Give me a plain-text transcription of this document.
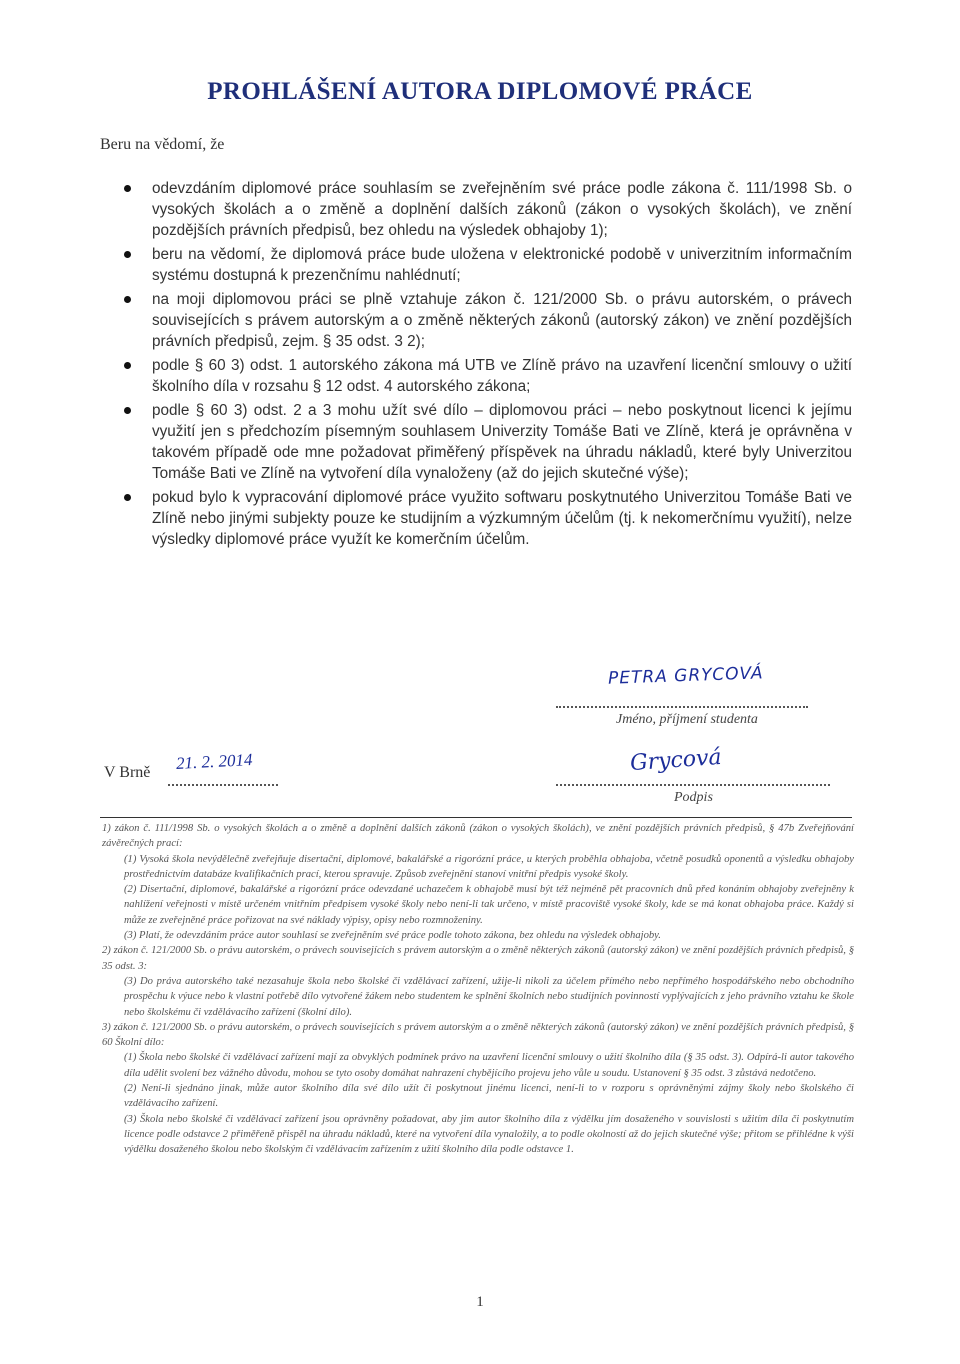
PROHLÁŠENÍ AUTORA DIPLOMOVÉ PRÁCE
Beru na vědomí, že
odevzdáním diplomové práce souhlasím se zveřejněním své práce podle zákona č. 111/1998 Sb. o vysokých školách a o změně a doplnění dalších zákonů (zákon o vysokých školách), ve znění pozdějších právních předpisů, bez ohledu na výsledek obhajoby 1);
beru na vědomí, že diplomová práce bude uložena v elektronické podobě v univerzitním informačním systému dostupná k prezenčnímu nahlédnutí;
na moji diplomovou práci se plně vztahuje zákon č. 121/2000 Sb. o právu autorském, o právech souvisejících s právem autorským a o změně některých zákonů (autorský zákon) ve znění pozdějších právních předpisů, zejm. § 35 odst. 3 2);
podle § 60 3) odst. 1 autorského zákona má UTB ve Zlíně právo na uzavření licenční smlouvy o užití školního díla v rozsahu § 12 odst. 4 autorského zákona;
podle § 60 3) odst. 2 a 3 mohu užít své dílo – diplomovou práci – nebo poskytnout licenci k jejímu využití jen s předchozím písemným souhlasem Univerzity Tomáše Bati ve Zlíně, která je oprávněna v takovém případě ode mne požadovat přiměřený příspěvek na úhradu nákladů, které byly Univerzitou Tomáše Bati ve Zlíně na vytvoření díla vynaloženy (až do jejich skutečné výše);
pokud bylo k vypracování diplomové práce využito softwaru poskytnutého Univerzitou Tomáše Bati ve Zlíně nebo jinými subjekty pouze ke studijním a výzkumným účelům (tj. k nekomerčnímu využití), nelze výsledky diplomové práce využít ke komerčním účelům.
PETRA GRYCOVÁ
Jméno, příjmení studenta
V Brně 21. 2. 2014	Grycová
Podpis

1) zákon č. 111/1998 Sb. o vysokých školách a o změně a doplnění dalších zákonů (zákon o vysokých školách), ve znění pozdějších právních předpisů, § 47b Zveřejňování závěrečných prací:

(1) Vysoká škola nevýdělečně zveřejňuje disertační, diplomové, bakalářské a rigorózní práce, u kterých proběhla obhajoba, včetně posudků oponentů a výsledku obhajoby prostřednictvím databáze kvalifikačních prací, kterou spravuje. Způsob zveřejnění stanoví vnitřní předpis vysoké školy.

(2) Disertační, diplomové, bakalářské a rigorózní práce odevzdané uchazečem k obhajobě musí být též nejméně pět pracovních dnů před konáním obhajoby zveřejněny k nahlížení veřejnosti v místě určeném vnitřním předpisem vysoké školy nebo není-li tak určeno, v místě pracoviště vysoké školy, kde se má konat obhajoba práce. Každý si může ze zveřejněné práce pořizovat na své náklady výpisy, opisy nebo rozmnoženiny.

(3) Platí, že odevzdáním práce autor souhlasí se zveřejněním své práce podle tohoto zákona, bez ohledu na výsledek obhajoby.

2) zákon č. 121/2000 Sb. o právu autorském, o právech souvisejících s právem autorským a o změně některých zákonů (autorský zákon) ve znění pozdějších právních předpisů, § 35 odst. 3:

(3) Do práva autorského také nezasahuje škola nebo školské či vzdělávací zařízení, užije-li nikoli za účelem přímého nebo nepřímého hospodářského nebo obchodního prospěchu k výuce nebo k vlastní potřebě dílo vytvořené žákem nebo studentem ke splnění školních nebo studijních povinností vyplývajících z jeho právního vztahu ke škole nebo školskému či vzdělávacího zařízení (školní dílo).

3) zákon č. 121/2000 Sb. o právu autorském, o právech souvisejících s právem autorským a o změně některých zákonů (autorský zákon) ve znění pozdějších právních předpisů, § 60 Školní dílo:

(1) Škola nebo školské či vzdělávací zařízení mají za obvyklých podmínek právo na uzavření licenční smlouvy o užití školního díla (§ 35 odst. 3). Odpírá-li autor takového díla udělit svolení bez vážného důvodu, mohou se tyto osoby domáhat nahrazení chybějícího projevu jeho vůle u soudu. Ustanovení § 35 odst. 3 zůstává nedotčeno.

(2) Není-li sjednáno jinak, může autor školního díla své dílo užít či poskytnout jinému licenci, není-li to v rozporu s oprávněnými zájmy školy nebo školského či vzdělávacího zařízení.

(3) Škola nebo školské či vzdělávací zařízení jsou oprávněny požadovat, aby jim autor školního díla z výdělku jím dosaženého v souvislosti s užitím díla či poskytnutím licence podle odstavce 2 přiměřeně přispěl na úhradu nákladů, které na vytvoření díla vynaložily, a to podle okolností až do jejich skutečné výše; přitom se přihlédne k výši výdělku dosaženého školou nebo školským či vzdělávacím zařízením z užití školního díla podle odstavce 1.

1
